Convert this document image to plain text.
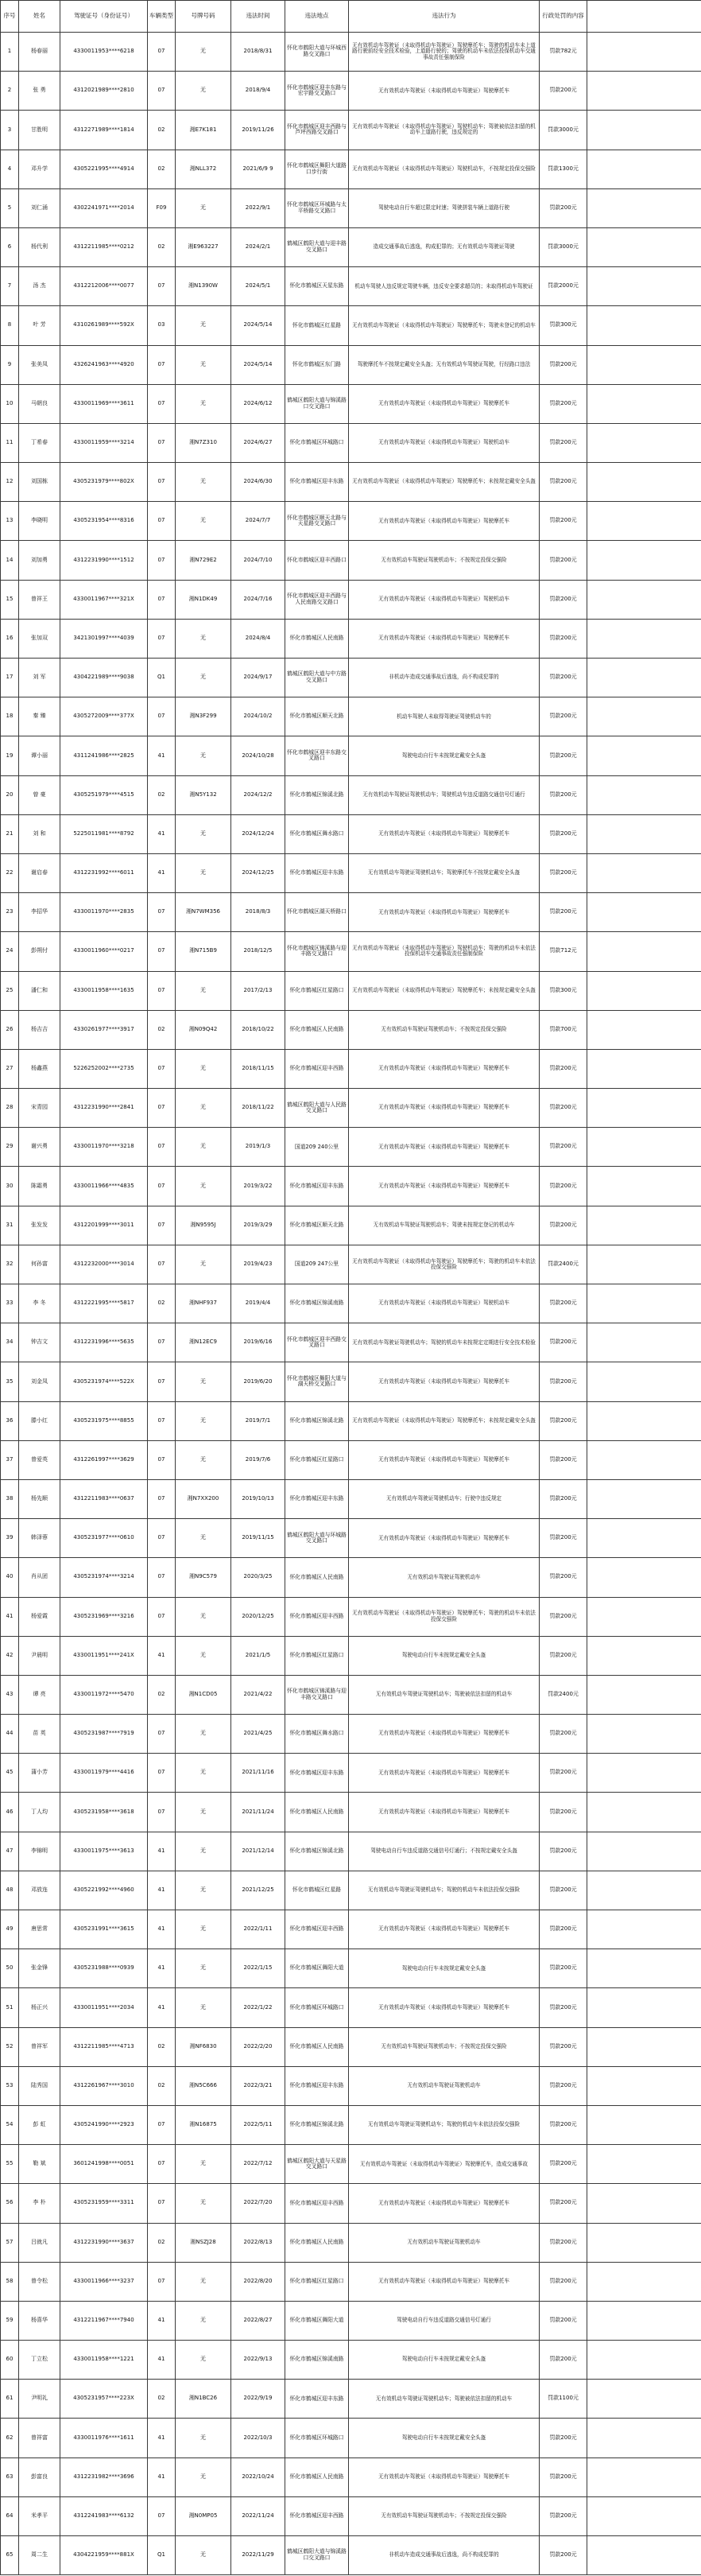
序号	姓名	驾驶证号（身份证号）	车辆类型	号牌号码	违法时间	违法地点	违法行为	行政处罚的内容	
1	杨春丽	4330011953****6218	07	无	2018/8/31	怀化市鹤阳大道与环城西路交叉路口	无有效机动车驾驶证（未取得机动车驾驶证）驾驶摩托车；驾驶的机动车未上道路行驶前经安全技术检验，上道路行驶的；驾驶的机动车未依法投保机动车交通事故责任强制保险	罚款782元	
2	张 勇	4312021989****2810	07	无	2018/9/4	怀化市鹤城区迎丰东路与宏宇路交叉路口	无有效机动车驾驶证（未取得机动车驾驶证）驾驶摩托车	罚款200元	
3	甘胜明	4312271989****1814	02	湘E7K181	2019/11/26	怀化市鹤城区迎丰西路与芦坪西路交叉路口	无有效机动车驾驶证（未取得机动车驾驶证）驾驶机动车；驾驶被依法扣留的机动车上道路行驶，违反规定的	罚款3000元	
4	邓升学	4305221995****4914	02	湘NLL372	2021/6/9 9	怀化市鹤城区舞阳大道路口步行街	无有效机动车驾驶证（未取得机动车驾驶证）驾驶机动车，不按规定投保交强险	罚款1300元	
5	刘仁涌	4302241971****2014	F09	无	2022/9/1	怀化市鹤城区环城路与太平桥路交叉路口	驾驶电动自行车超过限定时速；驾驶拼装车辆上道路行驶	罚款200元	
6	杨代利	4312211985****0212	02	湘E963227	2024/2/1	鹤城区鹤阳大道与迎丰路交叉路口	造成交通事故后逃逸，构成犯罪的；无有效机动车驾驶证驾驶	罚款3000元	
7	汤 杰	4312212006****0077	07	湘N1390W	2024/5/1	怀化市鹤城区天星东路	机动车驾驶人违反规定驾驶车辆，违反安全要求超员的；未取得机动车驾驶证	罚款2000元	
8	叶 芳	4310261989****592X	03	无	2024/5/14	怀化市鹤城区红星路	无有效机动车驾驶证（未取得机动车驾驶证）驾驶摩托车；驾驶未登记的机动车	罚款300元	
9	张美凤	4326241963****4920	07	无	2024/5/14	怀化市鹤城区东门路	驾驶摩托车不按规定戴安全头盔；无有效机动车驾驶证驾驶，行经路口违法	罚款200元	
10	马朝良	4330011969****3611	07	无	2024/6/12	鹤城区鹤阳大道与锦溪路口交叉路口	无有效机动车驾驶证（未取得机动车驾驶证）驾驶摩托车	罚款200元	
11	丁希春	4330011959****3214	07	湘N7Z310	2024/6/27	怀化市鹤城区环城路口	无有效机动车驾驶证（未取得机动车驾驶证）驾驶机动车	罚款200元	
12	刘国栋	4305231979****802X	07	无	2024/6/30	怀化市鹤城区迎丰东路	无有效机动车驾驶证（未取得机动车驾驶证）驾驶摩托车；未按规定戴安全头盔	罚款200元	
13	李晓明	4305231954****8316	07	无	2024/7/7	怀化市鹤城区顺天北路与天星路交叉路口	无有效机动车驾驶证（未取得机动车驾驶证）驾驶摩托车	罚款200元	
14	刘加勇	4312231990****1512	07	湘N729E2	2024/7/10	怀化市鹤城区迎丰西路口	无有效机动车驾驶证驾驶机动车；不按规定投保交强险	罚款200元	
15	曾祥王	4330011967****321X	07	湘N1DK49	2024/7/16	怀化市鹤城区迎丰西路与人民南路交叉路口	无有效机动车驾驶证（未取得机动车驾驶证）驾驶机动车	罚款200元	
16	张加双	3421301997****4039	07	无	2024/8/4	怀化市鹤城区人民南路	无有效机动车驾驶证（未取得机动车驾驶证）驾驶摩托车	罚款200元	
17	刘 军	4304221989****9038	Q1	无	2024/9/17	鹤城区鹤阳大道与中方路交叉路口	非机动车造成交通事故后逃逸，尚不构成犯罪的	罚款200元	
18	秦 臻	4305272009****377X	07	湘N3F299	2024/10/2	怀化市鹤城区顺天北路	机动车驾驶人未取得驾驶证驾驶机动车的	罚款200元	
19	谭小丽	4311241986****2825	41	无	2024/10/28	怀化市鹤城区迎丰东路交叉路口	驾驶电动自行车未按规定戴安全头盔	罚款200元	
20	曾 豪	4305251979****4515	02	湘N5Y132	2024/12/2	怀化市鹤城区锦溪北路	无有效机动车驾驶证驾驶机动车；驾驶机动车违反道路交通信号灯通行	罚款200元	
21	刘 和	5225011981****8792	41	无	2024/12/24	怀化市鹤城区舞水路口	无有效机动车驾驶证（未取得机动车驾驶证）驾驶摩托车	罚款200元	
22	谢启春	4312231992****6011	41	无	2024/12/25	怀化市鹤城区迎丰东路	无有效机动车驾驶证驾驶机动车；驾驶摩托车不按规定戴安全头盔	罚款200元	
23	李招华	4330011970****2835	07	湘N7WM356	2018/8/3	怀化市鹤城区湖天桥路口	无有效机动车驾驶证（未取得机动车驾驶证）驾驶摩托车	罚款200元	
24	彭朔付	4330011960****0217	07	湘N715B9	2018/12/5	怀化市鹤城区锦溪路与迎丰路交叉路口	无有效机动车驾驶证（未取得机动车驾驶证）驾驶机动车；驾驶的机动车未依法投保机动车交通事故责任强制保险	罚款712元	
25	潘仁和	4330011958****1635	07	无	2017/2/13	怀化市鹤城区红星路口	无有效机动车驾驶证（未取得机动车驾驶证）驾驶摩托车；未按规定戴安全头盔	罚款300元	
26	杨吉吉	4330261977****3917	02	湘N09Q42	2018/10/22	怀化市鹤城区人民南路	无有效机动车驾驶证驾驶机动车；不按规定投保交强险	罚款700元	
27	杨鑫燕	5226252002****2735	07	无	2018/11/15	怀化市鹤城区迎丰西路	无有效机动车驾驶证（未取得机动车驾驶证）驾驶摩托车	罚款200元	
28	宋青园	4312231990****2841	07	无	2018/11/22	鹤城区鹤阳大道与人民路交叉路口	无有效机动车驾驶证（未取得机动车驾驶证）驾驶摩托车	罚款200元	
29	谢兴勇	4330011970****3218	07	无	2019/1/3	国道209 240公里	无有效机动车驾驶证（未取得机动车驾驶证）驾驶摩托车	罚款200元	
30	陈霜勇	4330011966****4835	07	无	2019/3/22	怀化市鹤城区迎丰东路	无有效机动车驾驶证（未取得机动车驾驶证）驾驶摩托车	罚款200元	
31	张发发	4312201999****3011	07	湘N9595J	2019/3/29	怀化市鹤城区顺天北路	无有效机动车驾驶证驾驶机动车；驾驶未按规定登记的机动车	罚款200元	
32	何孙富	4312232000****3014	07	无	2019/4/23	国道209 247公里	无有效机动车驾驶证（未取得机动车驾驶证）驾驶摩托车；驾驶的机动车未依法投保交强险	罚款2400元	
33	李 冬	4312221995****5817	02	湘NHF937	2019/4/4	怀化市鹤城区锦溪南路	无有效机动车驾驶证（未取得机动车驾驶证）驾驶机动车	罚款200元	
34	钟吉文	4312231996****5635	07	湘N12EC9	2019/6/16	怀化市鹤城区迎丰西路交叉路口	无有效机动车驾驶证驾驶机动车；驾驶的机动车未按规定定期进行安全技术检验	罚款200元	
35	刘金凤	4305231974****522X	07	无	2019/6/20	怀化市鹤城区舞阳大道与湖天桥交叉路口	无有效机动车驾驶证（未取得机动车驾驶证）驾驶摩托车	罚款200元	
36	滕小红	4305231975****8855	07	无	2019/7/1	怀化市鹤城区锦溪北路	无有效机动车驾驶证（未取得机动车驾驶证）驾驶摩托车；未按规定戴安全头盔	罚款200元	
37	曾爱英	4312261997****3629	07	无	2019/7/6	怀化市鹤城区红星路口	无有效机动车驾驶证（未取得机动车驾驶证）驾驶摩托车	罚款200元	
38	杨先顺	4312211983****0637	07	湘N7XX200	2019/10/13	怀化市鹤城区迎丰东路	无有效机动车驾驶证驾驶机动车；行驶中违反规定	罚款200元	
39	韩泽蓉	4305231977****0610	07	无	2019/11/15	鹤城区鹤阳大道与环城路交叉路口	无有效机动车驾驶证（未取得机动车驾驶证）驾驶摩托车	罚款200元	
40	肖从团	4305231974****3214	07	湘N9C579	2020/3/25	怀化市鹤城区人民南路	无有效机动车驾驶证驾驶机动车	罚款200元	
41	杨爱霞	4305231969****3216	07	无	2020/12/25	怀化市鹤城区迎丰西路	无有效机动车驾驶证（未取得机动车驾驶证）驾驶摩托车；驾驶的机动车未依法投保交强险	罚款200元	
42	尹晨明	4330011951****241X	41	无	2021/1/5	怀化市鹤城区红星路口	驾驶电动自行车未按规定戴安全头盔	罚款200元	
43	谭 亮	4330011972****5470	02	湘N1CD05	2021/4/22	怀化市鹤城区锦溪路与迎丰路交叉路口	无有效机动车驾驶证驾驶机动车；驾驶被依法扣留的机动车	罚款2400元	
44	苗 英	4305231987****7919	07	无	2021/4/25	怀化市鹤城区舞水路口	无有效机动车驾驶证（未取得机动车驾驶证）驾驶摩托车	罚款200元	
45	蒲小芳	4330011979****4416	07	无	2021/11/16	怀化市鹤城区迎丰东路	无有效机动车驾驶证（未取得机动车驾驶证）驾驶摩托车	罚款200元	
46	丁人均	4305231958****3618	07	无	2021/11/24	怀化市鹤城区人民南路	无有效机动车驾驶证（未取得机动车驾驶证）驾驶摩托车	罚款200元	
47	李锦明	4330011975****3613	41	无	2021/12/14	怀化市鹤城区锦溪北路	驾驶电动自行车违反道路交通信号灯通行；不按规定戴安全头盔	罚款200元	
48	邓放连	4305221992****4960	41	无	2021/12/25	怀化市鹤城区红星路	无有效机动车驾驶证驾驶机动车；驾驶的机动车未依法投保交强险	罚款200元	
49	唐思常	4305231991****3615	41	无	2022/1/11	怀化市鹤城区迎丰西路	无有效机动车驾驶证（未取得机动车驾驶证）驾驶摩托车	罚款200元	
50	张金锋	4305231988****0939	41	无	2022/1/15	怀化市鹤城区舞阳大道	驾驶电动自行车未按规定戴安全头盔	罚款200元	
51	杨正兴	4330011951****2034	41	无	2022/1/22	怀化市鹤城区环城路口	无有效机动车驾驶证（未取得机动车驾驶证）驾驶摩托车	罚款200元	
52	曾祥军	4312211985****4713	02	湘NF6830	2022/2/20	怀化市鹤城区人民南路	无有效机动车驾驶证驾驶机动车；不按规定投保交强险	罚款200元	
53	陆秀国	4312261967****3010	02	湘N5C666	2022/3/21	怀化市鹤城区迎丰东路	无有效机动车驾驶证驾驶机动车	罚款200元	
54	彭 虹	4305241990****2923	07	湘N16875	2022/5/11	怀化市鹤城区锦溪北路	无有效机动车驾驶证驾驶机动车；驾驶的机动车未依法投保交强险	罚款200元	
55	勒 斌	3601241998****0051	07	无	2022/7/12	鹤城区鹤阳大道与天星路交叉路口	无有效机动车驾驶证（未取得机动车驾驶证）驾驶摩托车，造成交通事故	罚款200元	
56	李 朴	4305231959****3311	07	无	2022/7/20	怀化市鹤城区迎丰西路	无有效机动车驾驶证（未取得机动车驾驶证）驾驶摩托车	罚款200元	
57	吕就凡	4312231990****3637	02	湘NSZJ28	2022/8/13	怀化市鹤城区人民南路	无有效机动车驾驶证驾驶机动车	罚款200元	
58	曾令松	4330011966****3237	07	无	2022/8/20	怀化市鹤城区红星路口	无有效机动车驾驶证（未取得机动车驾驶证）驾驶摩托车	罚款200元	
59	杨喜华	4312211967****7940	41	无	2022/8/27	怀化市鹤城区舞阳大道	驾驶电动自行车违反道路交通信号灯通行	罚款200元	
60	丁立松	4330011958****1221	41	无	2022/9/13	怀化市鹤城区锦溪南路	驾驶电动自行车未按规定戴安全头盔	罚款200元	
61	尹明礼	4305231957****223X	02	湘N1BC26	2022/9/19	怀化市鹤城区迎丰东路	无有效机动车驾驶证驾驶机动车；驾驶被依法扣留的机动车	罚款1100元	
62	曾祥富	4330011976****1611	41	无	2022/10/3	怀化市鹤城区环城路口	驾驶电动自行车未按规定戴安全头盔	罚款200元	
63	彭富良	4312231982****3696	41	无	2022/10/24	怀化市鹤城区人民南路	无有效机动车驾驶证（未取得机动车驾驶证）驾驶摩托车	罚款200元	
64	米孝平	4312241983****6132	07	湘N0MP05	2022/11/24	怀化市鹤城区迎丰西路	无有效机动车驾驶证驾驶机动车；不按规定投保交强险	罚款200元	
65	周二生	4304221959****881X	Q1	无	2022/11/29	鹤城区鹤阳大道与锦溪路口交叉路口	非机动车造成交通事故后逃逸，尚不构成犯罪的	罚款200元	
